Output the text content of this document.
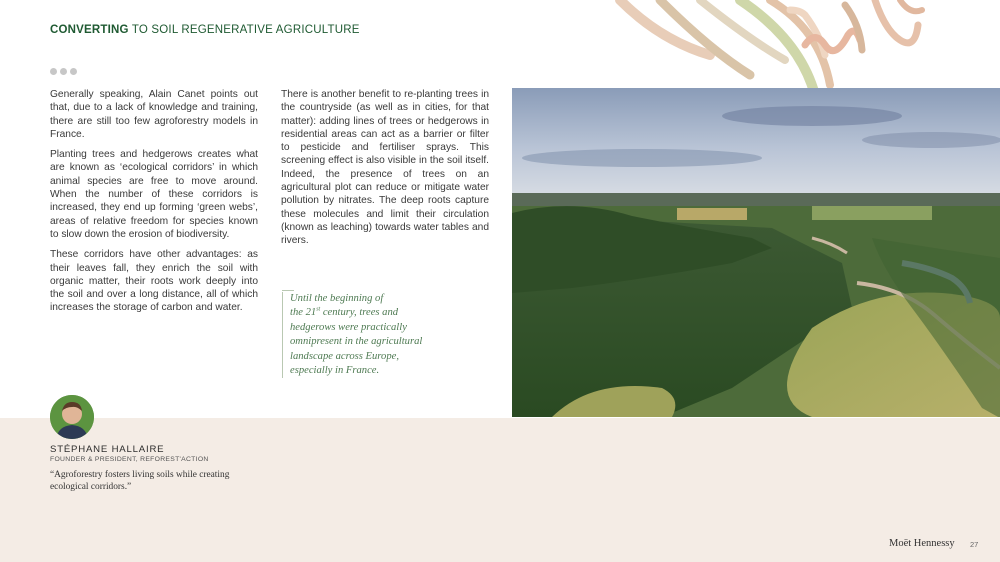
CONVERTING TO SOIL REGENERATIVE AGRICULTURE

Generally speaking, Alain Canet points out that, due to a lack of knowledge and training, there are still too few agroforestry models in France.

Planting trees and hedgerows creates what are known as ‘ecological corridors’ in which animal species are free to move around. When the number of these corridors is increased, they end up forming ‘green webs’, areas of relative freedom for species known to slow down the erosion of biodiversity.

These corridors have other advantages: as their leaves fall, they enrich the soil with organic matter, their roots work deeply into the soil and over a long distance, all of which increases the storage of carbon and water.

There is another benefit to re-planting trees in the countryside (as well as in cities, for that matter): adding lines of trees or hedgerows in residential areas can act as a barrier or filter to pesticide and fertiliser sprays. This screening effect is also visible in the soil itself. Indeed, the presence of trees on an agricultural plot can reduce or mitigate water pollution by nitrates. The deep roots capture these molecules and limit their circulation (known as leaching) towards water tables and rivers.

Until the beginning of
the 21st century, trees and
hedgerows were practically
omnipresent in the agricultural
landscape across Europe,
especially in France.
STÉPHANE HALLAIRE
FOUNDER & PRESIDENT, REFOREST'ACTION
“Agroforestry fosters living soils while creating ecological corridors.”
Moët Hennessy 27
